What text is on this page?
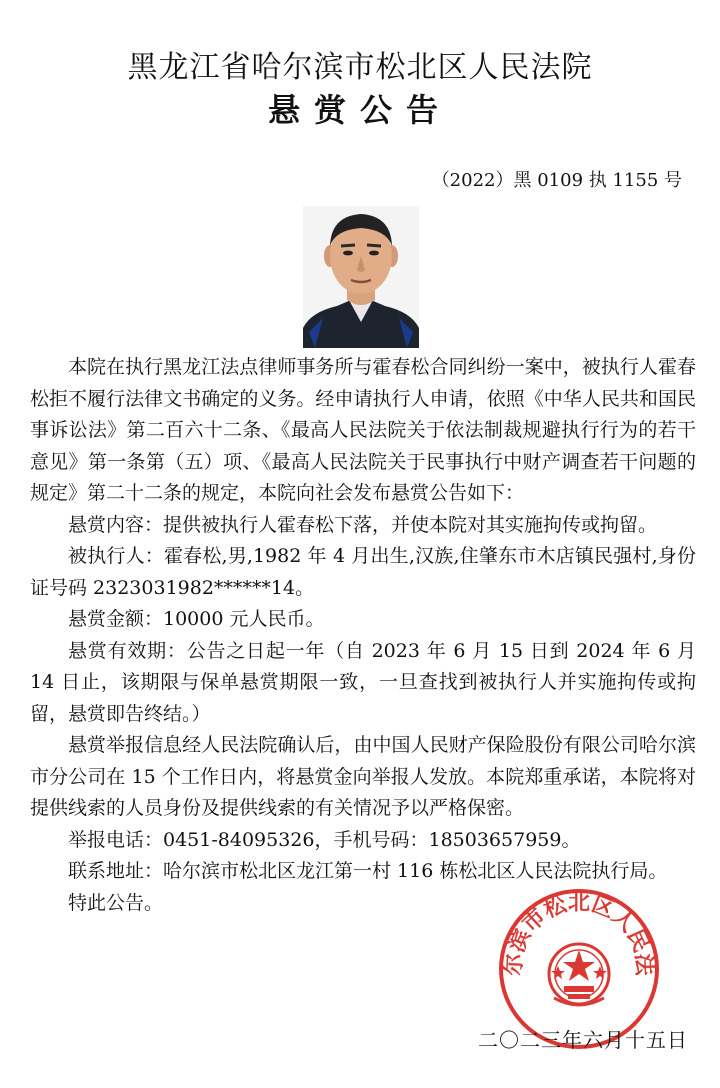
黑龙江省哈尔滨市松北区人民法院
悬赏公告
（2022）黑 0109 执 1155 号

本院在执行黑龙江法点律师事务所与霍春松合同纠纷一案中，被执行人霍春松拒不履行法律文书确定的义务。经申请执行人申请，依照《中华人民共和国民事诉讼法》第二百六十二条、《最高人民法院关于依法制裁规避执行行为的若干意见》第一条第（五）项、《最高人民法院关于民事执行中财产调查若干问题的规定》第二十二条的规定，本院向社会发布悬赏公告如下：

悬赏内容：提供被执行人霍春松下落，并使本院对其实施拘传或拘留。

被执行人：霍春松,男,1982 年 4 月出生,汉族,住肇东市木店镇民强村,身份证号码 2323031982******14。

悬赏金额：10000 元人民币。

悬赏有效期：公告之日起一年（自 2023 年 6 月 15 日到 2024 年 6 月 14 日止，该期限与保单悬赏期限一致，一旦查找到被执行人并实施拘传或拘留，悬赏即告终结。）

悬赏举报信息经人民法院确认后，由中国人民财产保险股份有限公司哈尔滨市分公司在 15 个工作日内，将悬赏金向举报人发放。本院郑重承诺，本院将对提供线索的人员身份及提供线索的有关情况予以严格保密。

举报电话：0451-84095326，手机号码：18503657959。

联系地址：哈尔滨市松北区龙江第一村 116 栋松北区人民法院执行局。

特此公告。

尔滨市松北区人民法
二〇二三年六月十五日
